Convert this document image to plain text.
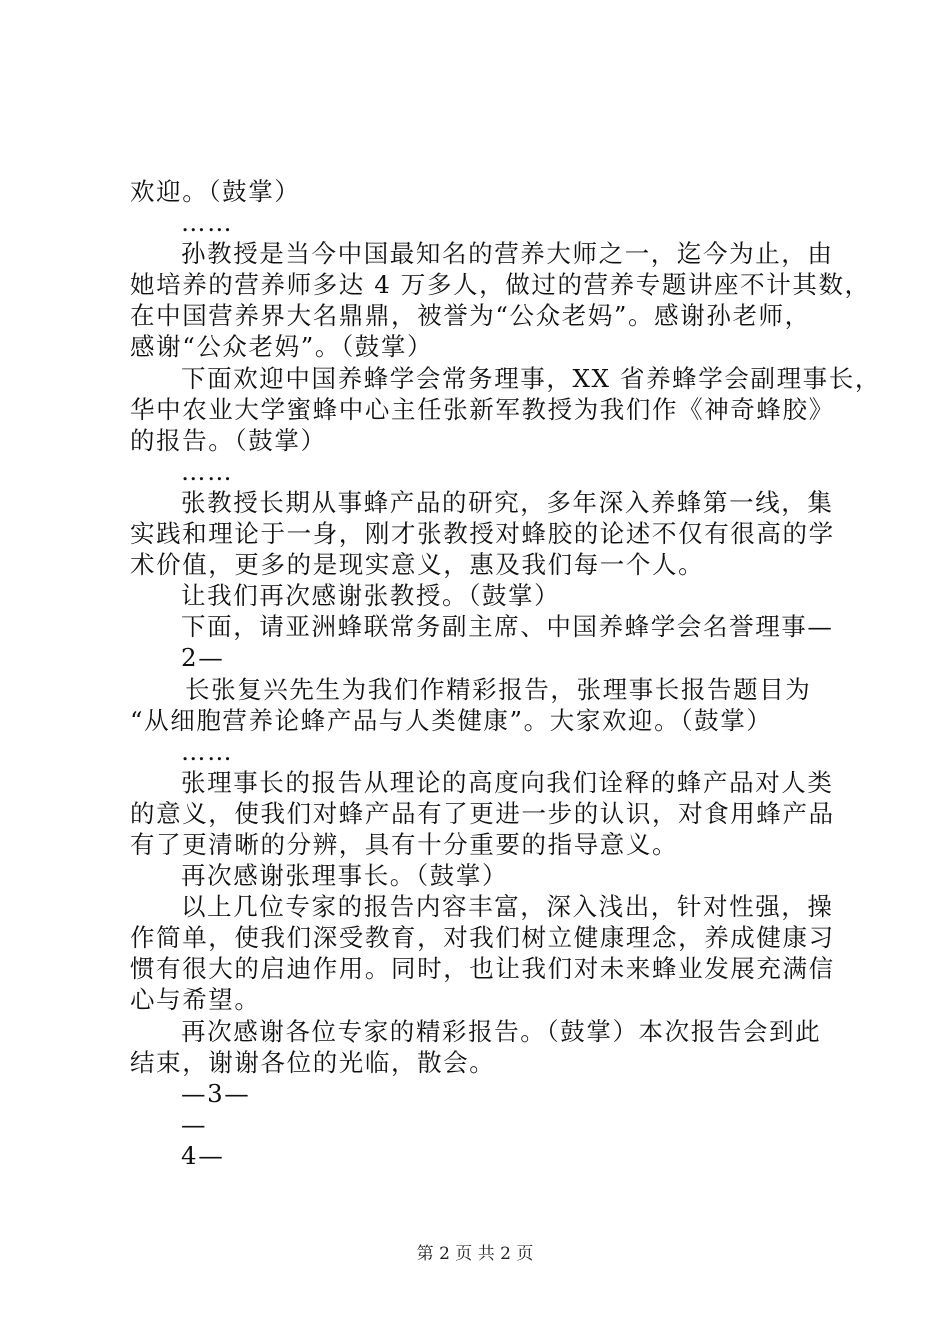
欢迎。（鼓掌）
……
孙教授是当今中国最知名的营养大师之一，迄今为止，由
她培养的营养师多达 4 万多人，做过的营养专题讲座不计其数，
在中国营养界大名鼎鼎，被誉为“公众老妈”。感谢孙老师，
感谢“公众老妈”。（鼓掌）
下面欢迎中国养蜂学会常务理事，XX 省养蜂学会副理事长，
华中农业大学蜜蜂中心主任张新军教授为我们作《神奇蜂胶》
的报告。（鼓掌）
……
张教授长期从事蜂产品的研究，多年深入养蜂第一线，集
实践和理论于一身，刚才张教授对蜂胶的论述不仅有很高的学
术价值，更多的是现实意义，惠及我们每一个人。
让我们再次感谢张教授。（鼓掌）
下面，请亚洲蜂联常务副主席、中国养蜂学会名誉理事—
2—
长张复兴先生为我们作精彩报告，张理事长报告题目为
“从细胞营养论蜂产品与人类健康”。大家欢迎。（鼓掌）
……
张理事长的报告从理论的高度向我们诠释的蜂产品对人类
的意义，使我们对蜂产品有了更进一步的认识，对食用蜂产品
有了更清晰的分辨，具有十分重要的指导意义。
再次感谢张理事长。（鼓掌）
以上几位专家的报告内容丰富，深入浅出，针对性强，操
作简单，使我们深受教育，对我们树立健康理念，养成健康习
惯有很大的启迪作用。同时，也让我们对未来蜂业发展充满信
心与希望。
再次感谢各位专家的精彩报告。（鼓掌）本次报告会到此
结束，谢谢各位的光临，散会。
—3—
—
4—
第 2 页 共 2 页
